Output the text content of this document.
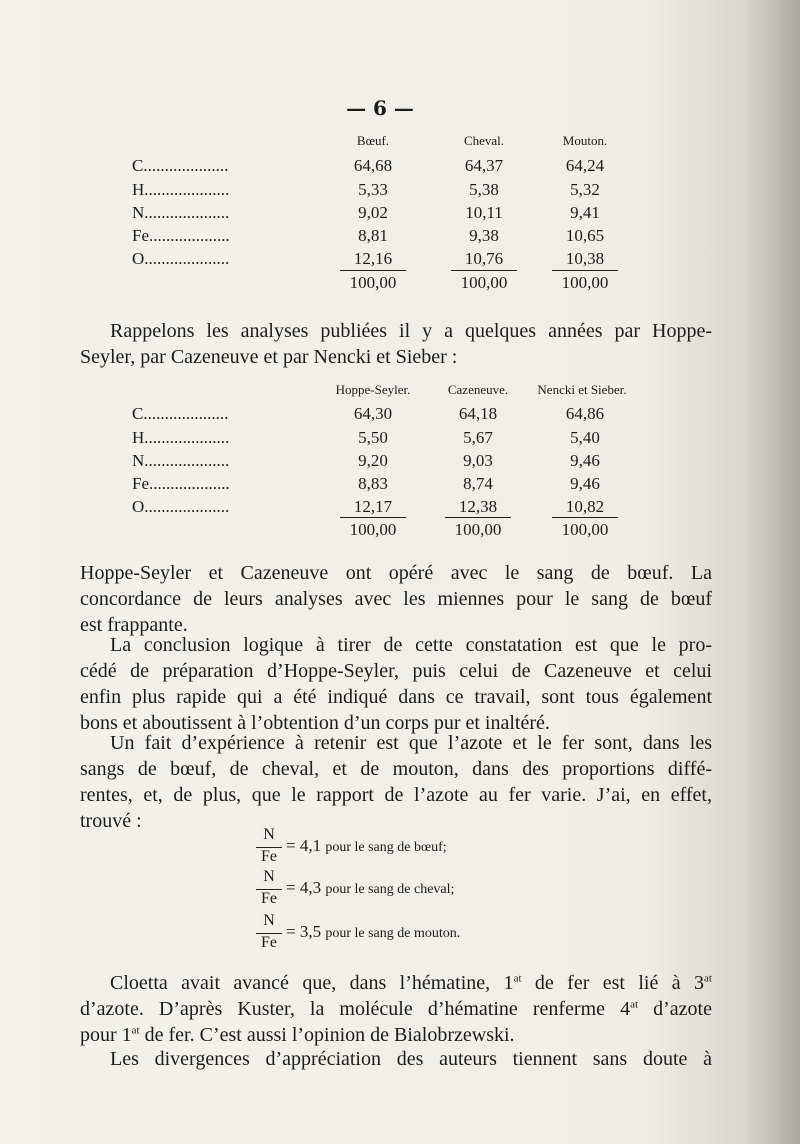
— 6 —
Bœuf.	Cheval.	Mouton.
C....................	64,68	64,37	64,24
H....................	5,33	5,38	5,32
N....................	9,02	10,11	9,41
Fe...................	8,81	9,38	10,65
O....................	12,16	10,76	10,38
100,00	100,00	100,00
Rappelons les analyses publiées il y a quelques années par Hoppe-
Seyler, par Cazeneuve et par Nencki et Sieber :
Hoppe-Seyler.	Cazeneuve.	Nencki et Sieber.
C....................	64,30	64,18	64,86
H....................	5,50	5,67	5,40
N....................	9,20	9,03	9,46
Fe...................	8,83	8,74	9,46
O....................	12,17	12,38	10,82
100,00	100,00	100,00
Hoppe-Seyler et Cazeneuve ont opéré avec le sang de bœuf. La
concordance de leurs analyses avec les miennes pour le sang de bœuf
est frappante.
La conclusion logique à tirer de cette constatation est que le pro-
cédé de préparation d’Hoppe-Seyler, puis celui de Cazeneuve et celui
enfin plus rapide qui a été indiqué dans ce travail, sont tous également
bons et aboutissent à l’obtention d’un corps pur et inaltéré.
Un fait d’expérience à retenir est que l’azote et le fer sont, dans les
sangs de bœuf, de cheval, et de mouton, dans des proportions diffé-
rentes, et, de plus, que le rapport de l’azote au fer varie. J’ai, en effet,
trouvé :
N
Fe
= 4,1 pour le sang de bœuf;
N
Fe
= 4,3 pour le sang de cheval;
N
Fe
= 3,5 pour le sang de mouton.
Cloetta avait avancé que, dans l’hématine, $1^{at}$ de fer est lié à $3^{at}$
d’azote. D’après Kuster, la molécule d’hématine renferme $4^{at}$ d’azote
pour $1^{at}$ de fer. C’est aussi l’opinion de Bialobrzewski.
Les divergences d’appréciation des auteurs tiennent sans doute à
